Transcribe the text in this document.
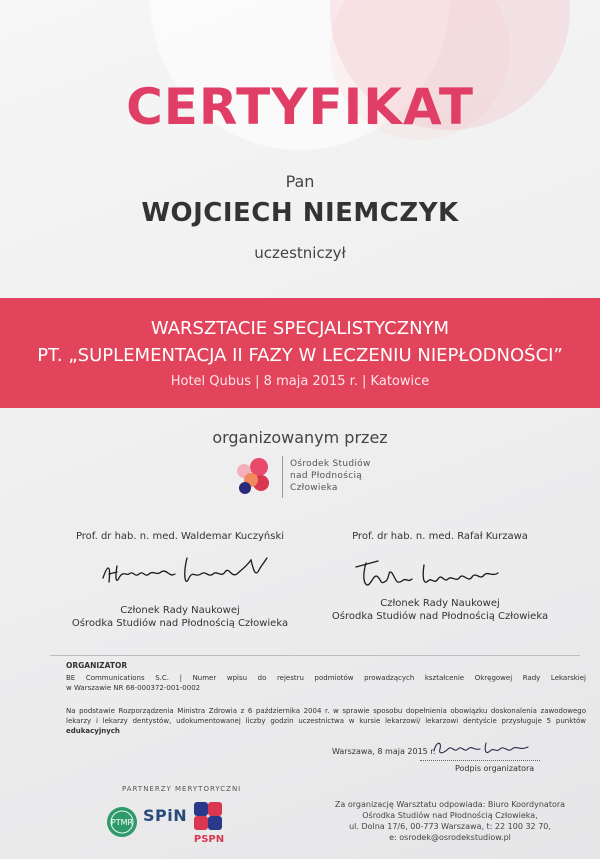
CERTYFIKAT
Pan
WOJCIECH NIEMCZYK
uczestniczył
WARSZTACIE SPECJALISTYCZNYM
PT. „SUPLEMENTACJA II FAZY W LECZENIU NIEPŁODNOŚCI”
Hotel Qubus | 8 maja 2015 r. | Katowice
organizowanym przez
Ośrodek Studiów
nad Płodnością
Człowieka
Prof. dr hab. n. med. Waldemar Kuczyński	Prof. dr hab. n. med. Rafał Kurzawa
Członek Rady Naukowej
Ośrodka Studiów nad Płodnością Człowieka
Członek Rady Naukowej
Ośrodka Studiów nad Płodnością Człowieka
ORGANIZATOR
BE Communications S.C. | Numer wpisu do rejestru podmiotów prowadzących kształcenie Okręgowej Rady Lekarskiej
w Warszawie NR 68-000372-001-0002
Na podstawie Rozporządzenia Ministra Zdrowia z 6 października 2004 r. w sprawie sposobu dopełnienia obowiązku doskonalenia zawodowego
lekarzy i lekarzy dentystów, udokumentowanej liczby godzin uczestnictwa w kursie lekarzowi/ lekarzowi dentyście przysługuje 5 punktów
edukacyjnych
Warszawa, 8 maja 2015 r.
Podpis organizatora
PARTNERZY MERYTORYCZNI
PTMR SPiN
PSPN
Za organizację Warsztatu odpowiada: Biuro Koordynatora
Ośrodka Studiów nad Płodnością Człowieka,
ul. Dolna 17/6, 00-773 Warszawa, t: 22 100 32 70,
e: osrodek@osrodekstudiow.pl
